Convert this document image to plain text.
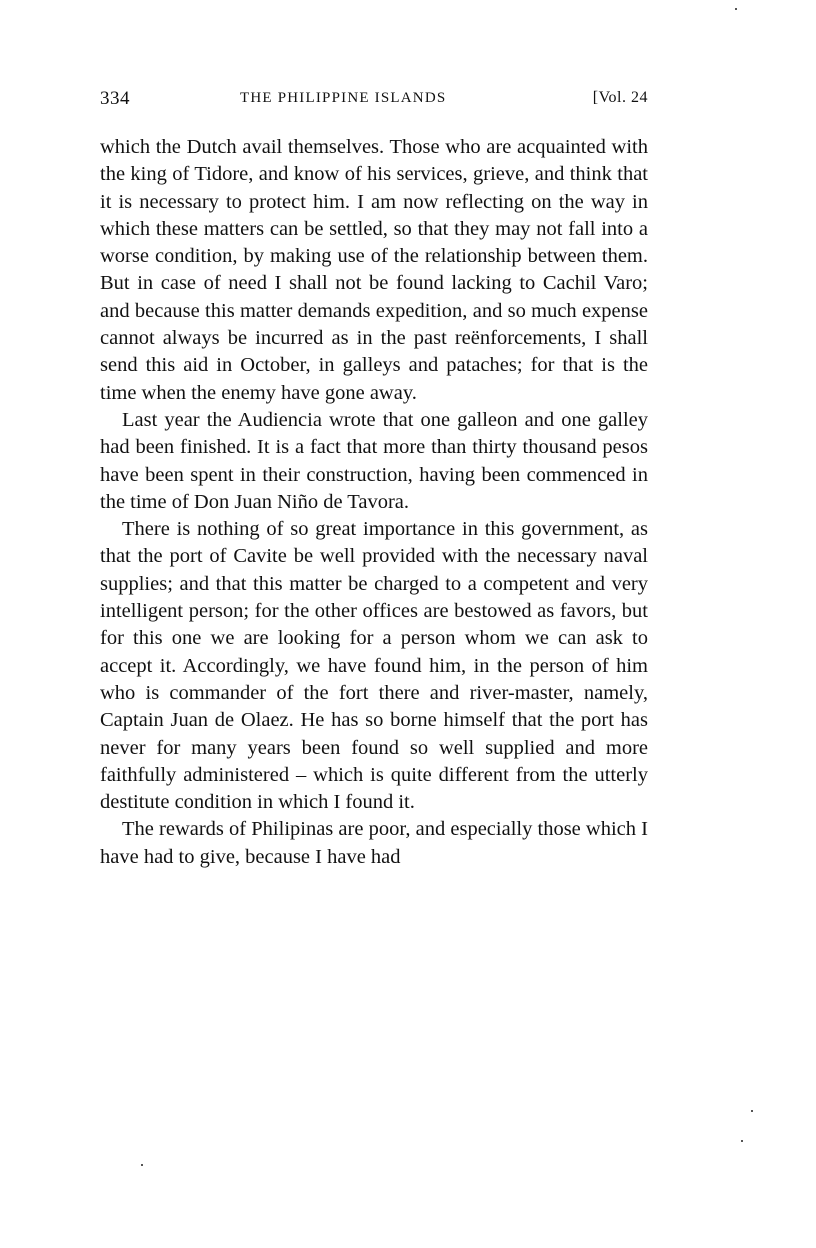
334	THE PHILIPPINE ISLANDS	[Vol. 24

which the Dutch avail themselves. Those who are acquainted with the king of Tidore, and know of his services, grieve, and think that it is necessary to protect him. I am now reflecting on the way in which these matters can be settled, so that they may not fall into a worse condition, by making use of the relationship between them. But in case of need I shall not be found lacking to Cachil Varo; and because this matter demands expedition, and so much expense cannot always be incurred as in the past reënforcements, I shall send this aid in October, in galleys and pataches; for that is the time when the enemy have gone away.

Last year the Audiencia wrote that one galleon and one galley had been finished. It is a fact that more than thirty thousand pesos have been spent in their construction, having been commenced in the time of Don Juan Niño de Tavora.

There is nothing of so great importance in this government, as that the port of Cavite be well provided with the necessary naval supplies; and that this matter be charged to a competent and very intelligent person; for the other offices are bestowed as favors, but for this one we are looking for a person whom we can ask to accept it. Accordingly, we have found him, in the person of him who is commander of the fort there and river-master, namely, Captain Juan de Olaez. He has so borne himself that the port has never for many years been found so well supplied and more faithfully administered – which is quite different from the utterly destitute condition in which I found it.

The rewards of Philipinas are poor, and especially those which I have had to give, because I have had
